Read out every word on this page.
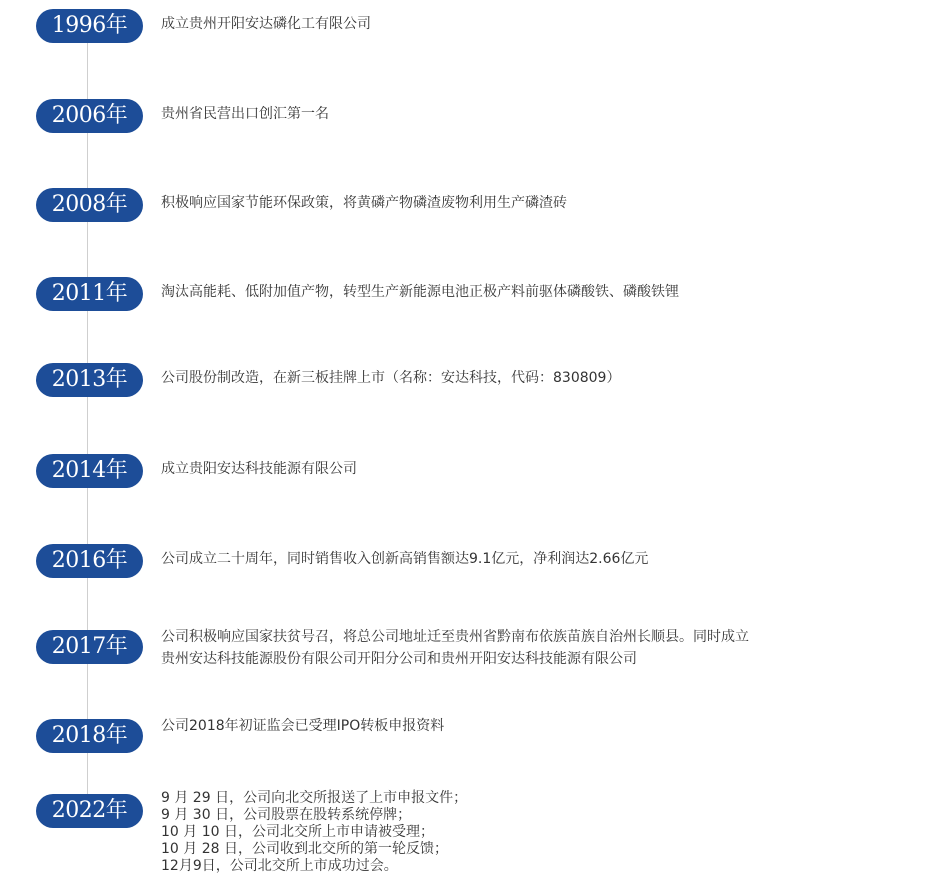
1996年	成立贵州开阳安达磷化工有限公司
2006年	贵州省民营出口创汇第一名
2008年	积极响应国家节能环保政策，将黄磷产物磷渣废物利用生产磷渣砖
2011年	淘汰高能耗、低附加值产物，转型生产新能源电池正极产料前驱体磷酸铁、磷酸铁锂
2013年	公司股份制改造，在新三板挂牌上市（名称：安达科技，代码：830809）
2014年	成立贵阳安达科技能源有限公司
2016年	公司成立二十周年，同时销售收入创新高销售额达9.1亿元，净利润达2.66亿元
2017年	公司积极响应国家扶贫号召，将总公司地址迁至贵州省黔南布依族苗族自治州长顺县。同时成立
贵州安达科技能源股份有限公司开阳分公司和贵州开阳安达科技能源有限公司
2018年	公司2018年初证监会已受理IPO转板申报资料
2022年	9 月 29 日，公司向北交所报送了上市申报文件；
9 月 30 日，公司股票在股转系统停牌；
10 月 10 日，公司北交所上市申请被受理；
10 月 28 日，公司收到北交所的第一轮反馈；
12月9日，公司北交所上市成功过会。
